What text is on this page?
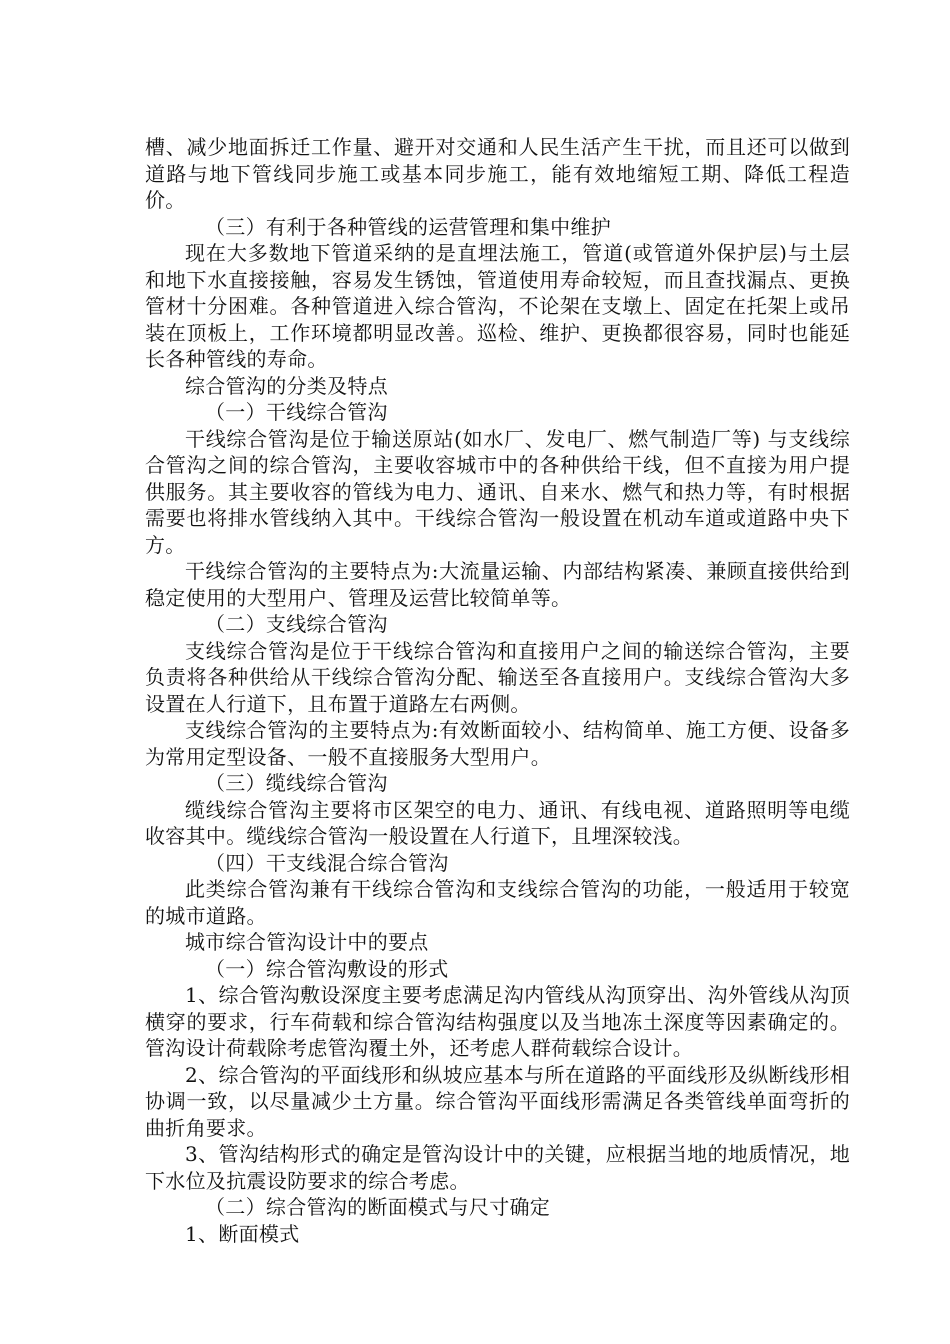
槽、减少地面拆迁工作量、避开对交通和人民生活产生干扰，而且还可以做到道路与地下管线同步施工或基本同步施工，能有效地缩短工期、降低工程造价。

（三）有利于各种管线的运营管理和集中维护

现在大多数地下管道采纳的是直埋法施工，管道(或管道外保护层)与土层和地下水直接接触，容易发生锈蚀，管道使用寿命较短，而且查找漏点、更换管材十分困难。各种管道进入综合管沟，不论架在支墩上、固定在托架上或吊装在顶板上，工作环境都明显改善。巡检、维护、更换都很容易，同时也能延长各种管线的寿命。

综合管沟的分类及特点

（一）干线综合管沟

干线综合管沟是位于输送原站(如水厂、发电厂、燃气制造厂等) 与支线综合管沟之间的综合管沟，主要收容城市中的各种供给干线，但不直接为用户提供服务。其主要收容的管线为电力、通讯、自来水、燃气和热力等，有时根据需要也将排水管线纳入其中。干线综合管沟一般设置在机动车道或道路中央下方。

干线综合管沟的主要特点为:大流量运输、内部结构紧凑、兼顾直接供给到稳定使用的大型用户、管理及运营比较简单等。

（二）支线综合管沟

支线综合管沟是位于干线综合管沟和直接用户之间的输送综合管沟，主要负责将各种供给从干线综合管沟分配、输送至各直接用户。支线综合管沟大多设置在人行道下，且布置于道路左右两侧。

支线综合管沟的主要特点为:有效断面较小、结构简单、施工方便、设备多为常用定型设备、一般不直接服务大型用户。

（三）缆线综合管沟

缆线综合管沟主要将市区架空的电力、通讯、有线电视、道路照明等电缆收容其中。缆线综合管沟一般设置在人行道下，且埋深较浅。

（四）干支线混合综合管沟

此类综合管沟兼有干线综合管沟和支线综合管沟的功能，一般适用于较宽的城市道路。

城市综合管沟设计中的要点

（一）综合管沟敷设的形式

1、综合管沟敷设深度主要考虑满足沟内管线从沟顶穿出、沟外管线从沟顶横穿的要求，行车荷载和综合管沟结构强度以及当地冻土深度等因素确定的。管沟设计荷载除考虑管沟覆土外，还考虑人群荷载综合设计。

2、综合管沟的平面线形和纵坡应基本与所在道路的平面线形及纵断线形相协调一致，以尽量减少土方量。综合管沟平面线形需满足各类管线单面弯折的曲折角要求。

3、管沟结构形式的确定是管沟设计中的关键，应根据当地的地质情况，地下水位及抗震设防要求的综合考虑。

（二）综合管沟的断面模式与尺寸确定

1、断面模式
